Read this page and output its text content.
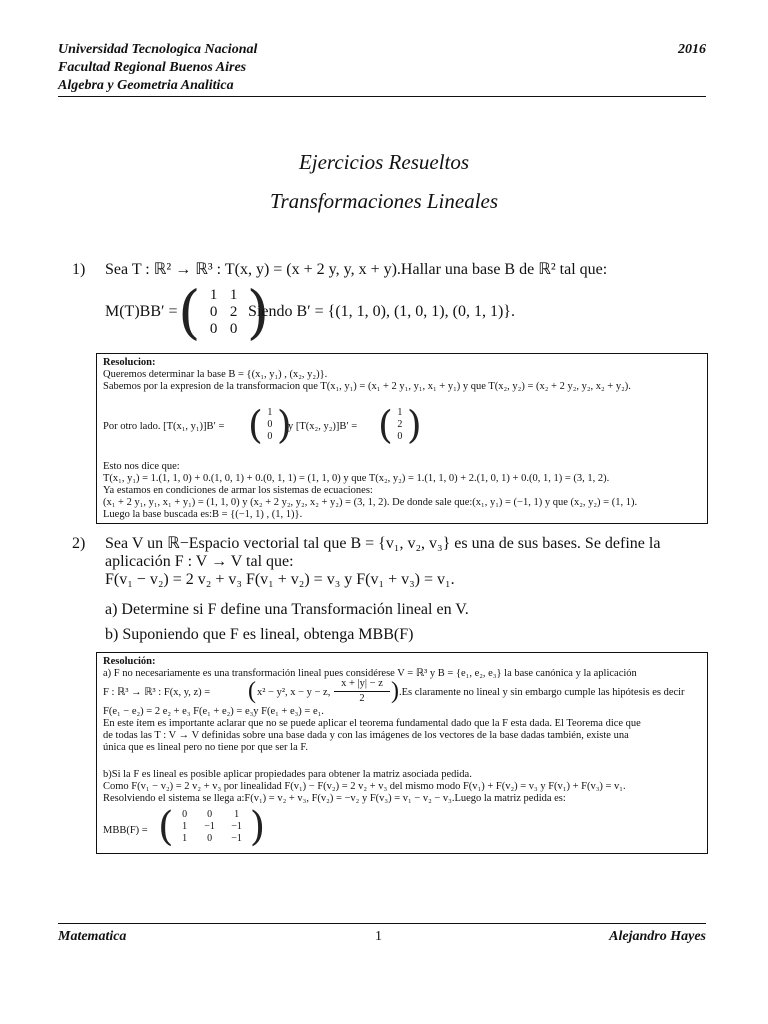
Universidad Tecnologica Nacional
Facultad Regional Buenos Aires
Algebra y Geometria Analitica
2016
Ejercicios Resueltos
Transformaciones Lineales
1) Sea T : ℝ² → ℝ³ : T(x, y) = (x + 2 y, y, x + y).Hallar una base B de ℝ² tal que:
M(T)BB′ = ( 1 1
0 2
0 0 )
Siendo B′ = {(1, 1, 0), (1, 0, 1), (0, 1, 1)}.
Resolucion:
Queremos determinar la base B = {(x₁, y₁) , (x₂, y₂)}.
Sabemos por la expresion de la transformacion que T(x₁, y₁) = (x₁ + 2 y₁, y₁, x₁ + y₁) y que T(x₂, y₂) = (x₂ + 2 y₂, y₂, x₂ + y₂).
Por otro lado. [T(x₁, y₁)]B′ = ( 1
0
0 )
y [T(x₂, y₂)]B′ = ( 1
2
0 )
Esto nos dice que:
T(x₁, y₁) = 1.(1, 1, 0) + 0.(1, 0, 1) + 0.(0, 1, 1) = (1, 1, 0) y que T(x₂, y₂) = 1.(1, 1, 0) + 2.(1, 0, 1) + 0.(0, 1, 1) = (3, 1, 2).
Ya estamos en condiciones de armar los sistemas de ecuaciones:
(x₁ + 2 y₁, y₁, x₁ + y₁) = (1, 1, 0) y (x₂ + 2 y₂, y₂, x₂ + y₂) = (3, 1, 2). De donde sale que:(x₁, y₁) = (−1, 1) y que (x₂, y₂) = (1, 1).
Luego la base buscada es:B = {(−1, 1) , (1, 1)}.
2) Sea V un ℝ−Espacio vectorial tal que B = {v₁, v₂, v₃} es una de sus bases. Se define la
aplicación F : V → V tal que:
F(v₁ − v₂) = 2 v₂ + v₃ F(v₁ + v₂) = v₃ y F(v₁ + v₃) = v₁.
a) Determine si F define una Transformación lineal en V.
b) Suponiendo que F es lineal, obtenga MBB(F)
Resolución:
a) F no necesariamente es una transformación lineal pues considérese V = ℝ³ y B = {e₁, e₂, e₃} la base canónica y la aplicación
F : ℝ³ → ℝ³ : F(x, y, z) = ( x² − y², x − y − z,
x + |y| − z
2	) .Es claramente no lineal y sin embargo cumple las hipótesis es decir
F(e₁ − e₂) = 2 e₂ + e₃ F(e₁ + e₂) = e₃y F(e₁ + e₃) = e₁.
En este ítem es importante aclarar que no se puede aplicar el teorema fundamental dado que la F esta dada. El Teorema dice que
de todas las T : V → V definidas sobre una base dada y con las imágenes de los vectores de la base dadas también, existe una
única que es lineal pero no tiene por que ser la F.
b)Si la F es lineal es posible aplicar propiedades para obtener la matriz asociada pedida.
Como F(v₁ − v₂) = 2 v₂ + v₃ por linealidad F(v₁) − F(v₂) = 2 v₂ + v₃ del mismo modo F(v₁) + F(v₂) = v₃ y F(v₁) + F(v₃) = v₁.
Resolviendo el sistema se llega a:F(v₁) = v₂ + v₃, F(v₂) = −v₂ y F(v₃) = v₁ − v₂ − v₃.Luego la matriz pedida es:
MBB(F) = ( 0	0	1
1	−1	−1
1	0	−1 )
Matematica	1	Alejandro Hayes
